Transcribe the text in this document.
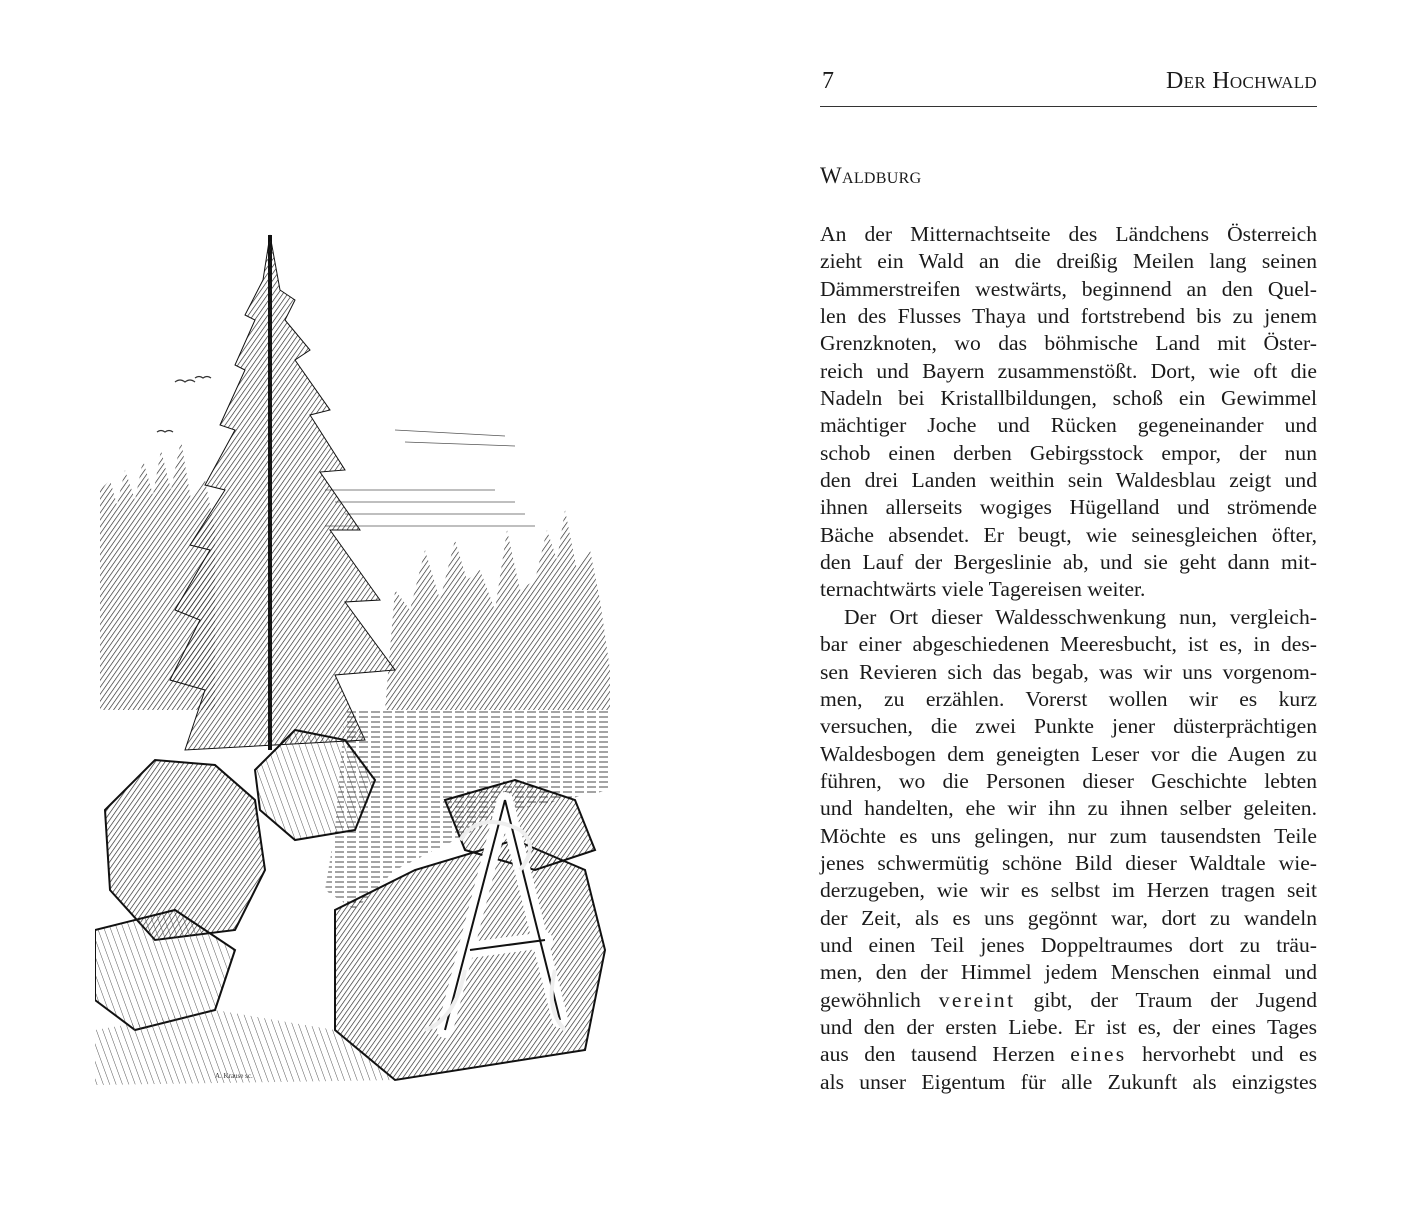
A. Krause sc.
7	Der Hochwald
Waldburg
An der Mitternachtseite des Ländchens Österreich
zieht ein Wald an die dreißig Meilen lang seinen
Dämmerstreifen westwärts, beginnend an den Quel-
len des Flusses Thaya und fortstrebend bis zu jenem
Grenzknoten, wo das böhmische Land mit Öster-
reich und Bayern zusammenstößt. Dort, wie oft die
Nadeln bei Kristallbildungen, schoß ein Gewimmel
mächtiger Joche und Rücken gegeneinander und
schob einen derben Gebirgsstock empor, der nun
den drei Landen weithin sein Waldesblau zeigt und
ihnen allerseits wogiges Hügelland und strömende
Bäche absendet. Er beugt, wie seinesgleichen öfter,
den Lauf der Bergeslinie ab, und sie geht dann mit-
ternachtwärts viele Tagereisen weiter.
Der Ort dieser Waldesschwenkung nun, vergleich-
bar einer abgeschiedenen Meeresbucht, ist es, in des-
sen Revieren sich das begab, was wir uns vorgenom-
men, zu erzählen. Vorerst wollen wir es kurz
versuchen, die zwei Punkte jener düsterprächtigen
Waldesbogen dem geneigten Leser vor die Augen zu
führen, wo die Personen dieser Geschichte lebten
und handelten, ehe wir ihn zu ihnen selber geleiten.
Möchte es uns gelingen, nur zum tausendsten Teile
jenes schwermütig schöne Bild dieser Waldtale wie-
derzugeben, wie wir es selbst im Herzen tragen seit
der Zeit, als es uns gegönnt war, dort zu wandeln
und einen Teil jenes Doppeltraumes dort zu träu-
men, den der Himmel jedem Menschen einmal und
gewöhnlich vereint gibt, der Traum der Jugend
und den der ersten Liebe. Er ist es, der eines Tages
aus den tausend Herzen eines hervorhebt und es
als unser Eigentum für alle Zukunft als einzigstes
